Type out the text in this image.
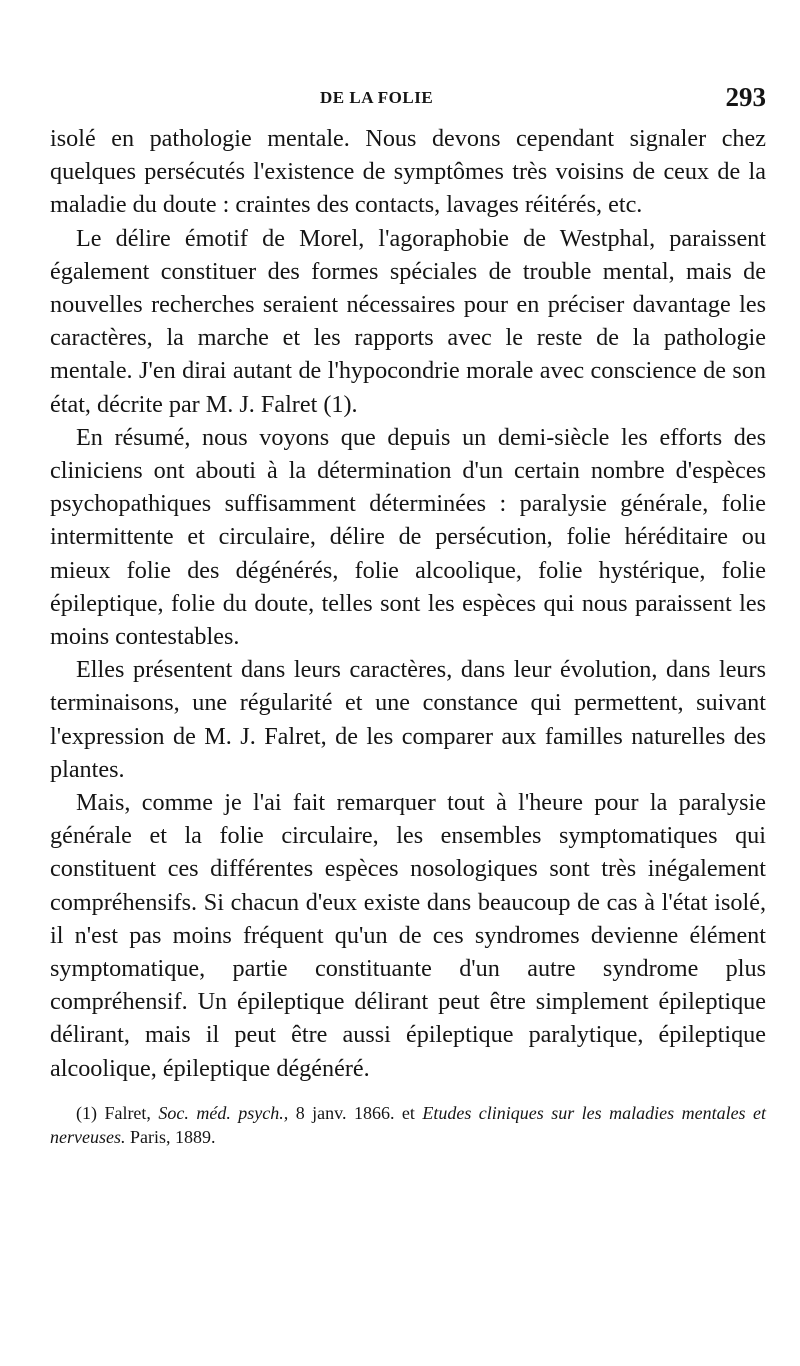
DE LA FOLIE	293

isolé en pathologie mentale. Nous devons cependant signaler chez quelques persécutés l'existence de symptômes très voisins de ceux de la maladie du doute : craintes des contacts, lavages réitérés, etc.

Le délire émotif de Morel, l'agoraphobie de Westphal, paraissent également constituer des formes spéciales de trouble mental, mais de nouvelles recherches seraient nécessaires pour en préciser davantage les caractères, la marche et les rapports avec le reste de la pathologie mentale. J'en dirai autant de l'hypocondrie morale avec conscience de son état, décrite par M. J. Falret (1).

En résumé, nous voyons que depuis un demi-siècle les efforts des cliniciens ont abouti à la détermination d'un certain nombre d'espèces psychopathiques suffisamment déterminées : paralysie générale, folie intermittente et circulaire, délire de persécution, folie héréditaire ou mieux folie des dégénérés, folie alcoolique, folie hystérique, folie épileptique, folie du doute, telles sont les espèces qui nous paraissent les moins contestables.

Elles présentent dans leurs caractères, dans leur évolution, dans leurs terminaisons, une régularité et une constance qui permettent, suivant l'expression de M. J. Falret, de les comparer aux familles naturelles des plantes.

Mais, comme je l'ai fait remarquer tout à l'heure pour la paralysie générale et la folie circulaire, les ensembles symptomatiques qui constituent ces différentes espèces nosologiques sont très inégalement compréhensifs. Si chacun d'eux existe dans beaucoup de cas à l'état isolé, il n'est pas moins fréquent qu'un de ces syndromes devienne élément symptomatique, partie constituante d'un autre syndrome plus compréhensif. Un épileptique délirant peut être simplement épileptique délirant, mais il peut être aussi épileptique paralytique, épileptique alcoolique, épileptique dégénéré.

(1) Falret, Soc. méd. psych., 8 janv. 1866. et Etudes cliniques sur les maladies mentales et nerveuses. Paris, 1889.
